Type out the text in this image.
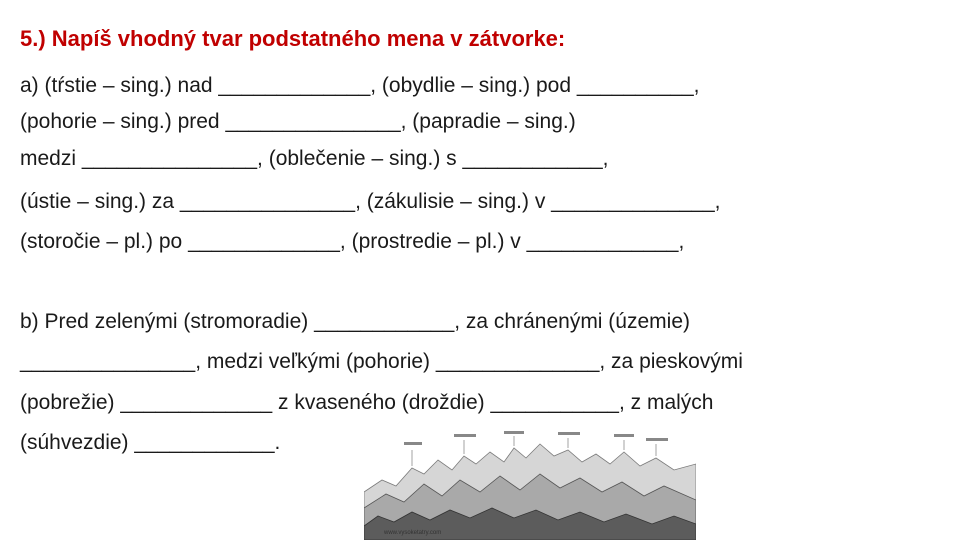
5.) Napíš vhodný tvar podstatného mena v zátvorke:
a) (tŕstie – sing.) nad _____________, (obydlie – sing.) pod __________,
(pohorie – sing.) pred _______________, (papradie – sing.)
medzi _______________, (oblečenie – sing.) s ____________,
(ústie – sing.) za _______________, (zákulisie – sing.) v ______________,
(storočie – pl.) po _____________, (prostredie – pl.) v _____________,
b) Pred zelenými (stromoradie) ____________, za chránenými (územie)
_______________, medzi veľkými (pohorie) ______________, za pieskovými
(pobrežie) _____________ z kvaseného (droždie) ___________, z malých
(súhvezdie) ____________.
www.vysoketatry.com
